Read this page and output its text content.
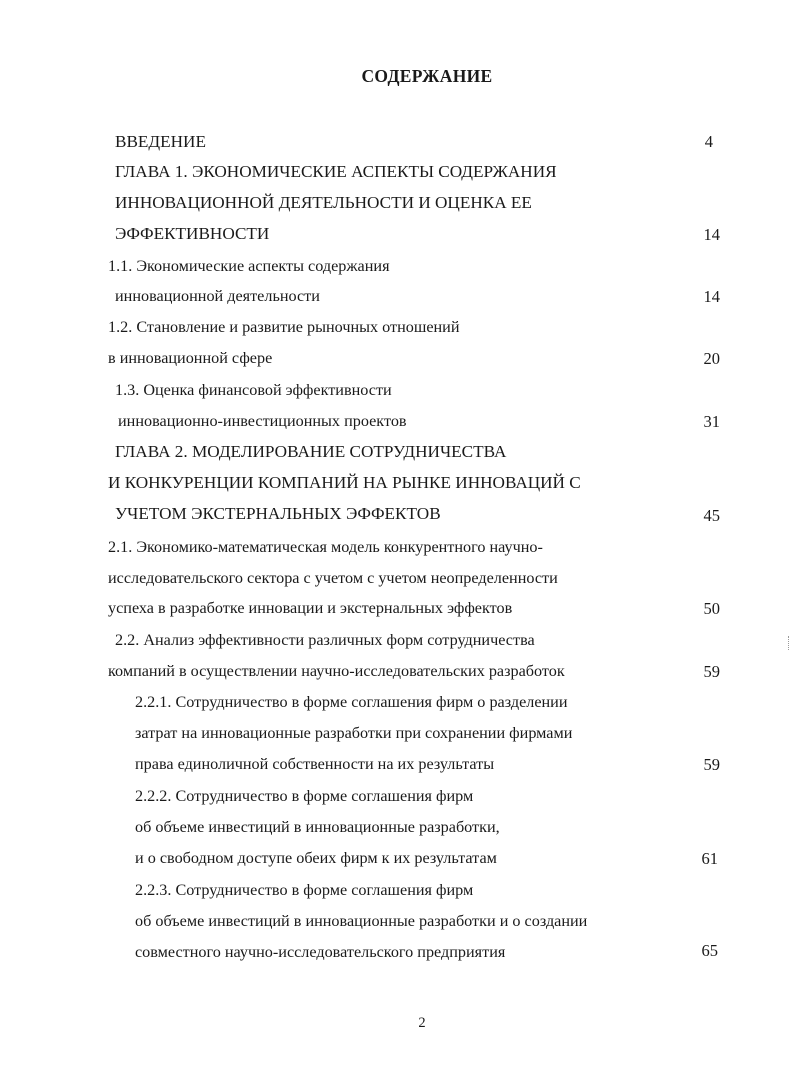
СОДЕРЖАНИЕ
ВВЕДЕНИЕ	4
ГЛАВА 1. ЭКОНОМИЧЕСКИЕ АСПЕКТЫ СОДЕРЖАНИЯ
ИННОВАЦИОННОЙ ДЕЯТЕЛЬНОСТИ И ОЦЕНКА ЕЕ
ЭФФЕКТИВНОСТИ	14
1.1. Экономические аспекты содержания
инновационной деятельности	14
1.2. Становление и развитие рыночных отношений
в инновационной сфере	20
1.3. Оценка финансовой эффективности
инновационно-инвестиционных проектов	31
ГЛАВА 2. МОДЕЛИРОВАНИЕ СОТРУДНИЧЕСТВА
И КОНКУРЕНЦИИ КОМПАНИЙ НА РЫНКЕ ИННОВАЦИЙ С
УЧЕТОМ ЭКСТЕРНАЛЬНЫХ ЭФФЕКТОВ	45
2.1. Экономико-математическая модель конкурентного научно-
исследовательского сектора с учетом с учетом неопределенности
успеха в разработке инновации и экстернальных эффектов	50
2.2. Анализ эффективности различных форм сотрудничества
компаний в осуществлении научно-исследовательских разработок	59
2.2.1. Сотрудничество в форме соглашения фирм о разделении
затрат на инновационные разработки при сохранении фирмами
права единоличной собственности на их результаты	59
2.2.2. Сотрудничество в форме соглашения фирм
об объеме инвестиций в инновационные разработки,
и о свободном доступе обеих фирм к их результатам	61
2.2.3. Сотрудничество в форме соглашения фирм
об объеме инвестиций в инновационные разработки и о создании
совместного научно-исследовательского предприятия	65
2
